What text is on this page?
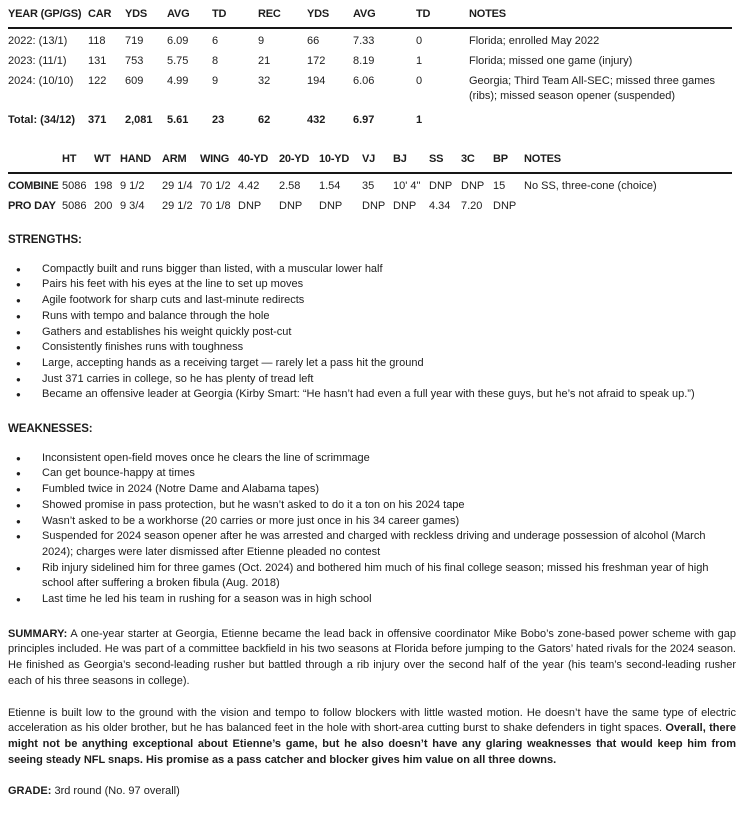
YEAR (GP/GS)	CAR	YDS	AVG	TD	REC	YDS	AVG	TD	NOTES
2022: (13/1)	118	719	6.09	6	9	66	7.33	0	Florida; enrolled May 2022
2023: (11/1)	131	753	5.75	8	21	172	8.19	1	Florida; missed one game (injury)
2024: (10/10)	122	609	4.99	9	32	194	6.06	0	Georgia; Third Team All-SEC; missed three games (ribs); missed season opener (suspended)
Total: (34/12)	371	2,081	5.61	23	62	432	6.97	1	
	HT	WT	HAND	ARM	WING	40-YD	20-YD	10-YD	VJ	BJ	SS	3C	BP	NOTES
COMBINE	5086	198	9 1/2	29 1/4	70 1/2	4.42	2.58	1.54	35	10' 4"	DNP	DNP	15	No SS, three-cone (choice)
PRO DAY	5086	200	9 3/4	29 1/2	70 1/8	DNP	DNP	DNP	DNP	DNP	4.34	7.20	DNP	
STRENGTHS:
●	Compactly built and runs bigger than listed, with a muscular lower half
●	Pairs his feet with his eyes at the line to set up moves
●	Agile footwork for sharp cuts and last-minute redirects
●	Runs with tempo and balance through the hole
●	Gathers and establishes his weight quickly post-cut
●	Consistently finishes runs with toughness
●	Large, accepting hands as a receiving target — rarely let a pass hit the ground
●	Just 371 carries in college, so he has plenty of tread left
●	Became an offensive leader at Georgia (Kirby Smart: “He hasn’t had even a full year with these guys, but he’s not afraid to speak up.”)
WEAKNESSES:
●	Inconsistent open-field moves once he clears the line of scrimmage
●	Can get bounce-happy at times
●	Fumbled twice in 2024 (Notre Dame and Alabama tapes)
●	Showed promise in pass protection, but he wasn’t asked to do it a ton on his 2024 tape
●	Wasn’t asked to be a workhorse (20 carries or more just once in his 34 career games)
●	Suspended for 2024 season opener after he was arrested and charged with reckless driving and underage possession of alcohol (March 2024); charges were later dismissed after Etienne pleaded no contest
●	Rib injury sidelined him for three games (Oct. 2024) and bothered him much of his final college season; missed his freshman year of high school after suffering a broken fibula (Aug. 2018)
●	Last time he led his team in rushing for a season was in high school

SUMMARY: A one-year starter at Georgia, Etienne became the lead back in offensive coordinator Mike Bobo’s zone-based power scheme with gap principles included. He was part of a committee backfield in his two seasons at Florida before jumping to the Gators’ hated rivals for the 2024 season. He finished as Georgia’s second-leading rusher but battled through a rib injury over the second half of the year (his team’s second-leading rusher each of his three seasons in college).

Etienne is built low to the ground with the vision and tempo to follow blockers with little wasted motion. He doesn’t have the same type of electric acceleration as his older brother, but he has balanced feet in the hole with short-area cutting burst to shake defenders in tight spaces. Overall, there might not be anything exceptional about Etienne’s game, but he also doesn’t have any glaring weaknesses that would keep him from seeing steady NFL snaps. His promise as a pass catcher and blocker gives him value on all three downs.

GRADE: 3rd round (No. 97 overall)
